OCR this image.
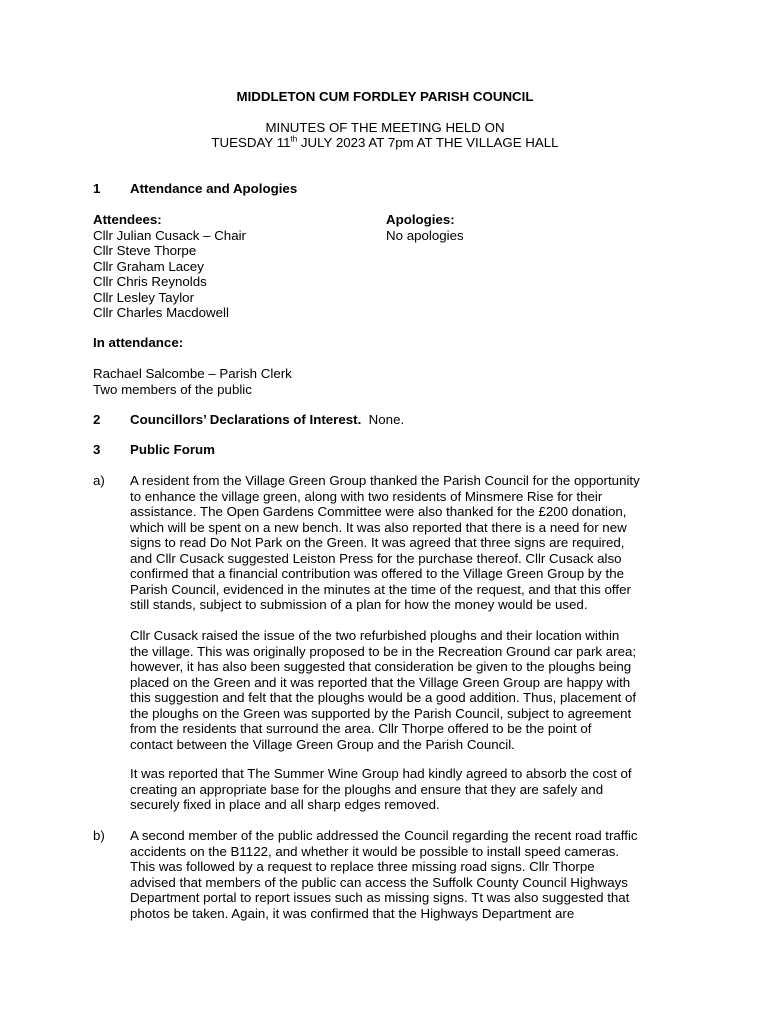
MIDDLETON CUM FORDLEY PARISH COUNCIL
MINUTES OF THE MEETING HELD ON
TUESDAY 11th JULY 2023 AT 7pm AT THE VILLAGE HALL
1	Attendance and Apologies
Attendees:
Cllr Julian Cusack – Chair
Cllr Steve Thorpe
Cllr Graham Lacey
Cllr Chris Reynolds
Cllr Lesley Taylor
Cllr Charles Macdowell
Apologies:
No apologies
In attendance:
Rachael Salcombe – Parish Clerk
Two members of the public
2	Councillors’ Declarations of Interest. None.
3	Public Forum
a)	A resident from the Village Green Group thanked the Parish Council for the opportunity
to enhance the village green, along with two residents of Minsmere Rise for their
assistance. The Open Gardens Committee were also thanked for the £200 donation,
which will be spent on a new bench. It was also reported that there is a need for new
signs to read Do Not Park on the Green. It was agreed that three signs are required,
and Cllr Cusack suggested Leiston Press for the purchase thereof. Cllr Cusack also
confirmed that a financial contribution was offered to the Village Green Group by the
Parish Council, evidenced in the minutes at the time of the request, and that this offer
still stands, subject to submission of a plan for how the money would be used.
Cllr Cusack raised the issue of the two refurbished ploughs and their location within
the village. This was originally proposed to be in the Recreation Ground car park area;
however, it has also been suggested that consideration be given to the ploughs being
placed on the Green and it was reported that the Village Green Group are happy with
this suggestion and felt that the ploughs would be a good addition. Thus, placement of
the ploughs on the Green was supported by the Parish Council, subject to agreement
from the residents that surround the area. Cllr Thorpe offered to be the point of
contact between the Village Green Group and the Parish Council.
It was reported that The Summer Wine Group had kindly agreed to absorb the cost of
creating an appropriate base for the ploughs and ensure that they are safely and
securely fixed in place and all sharp edges removed.
b)	A second member of the public addressed the Council regarding the recent road traffic
accidents on the B1122, and whether it would be possible to install speed cameras.
This was followed by a request to replace three missing road signs. Cllr Thorpe
advised that members of the public can access the Suffolk County Council Highways
Department portal to report issues such as missing signs. Tt was also suggested that
photos be taken. Again, it was confirmed that the Highways Department are
